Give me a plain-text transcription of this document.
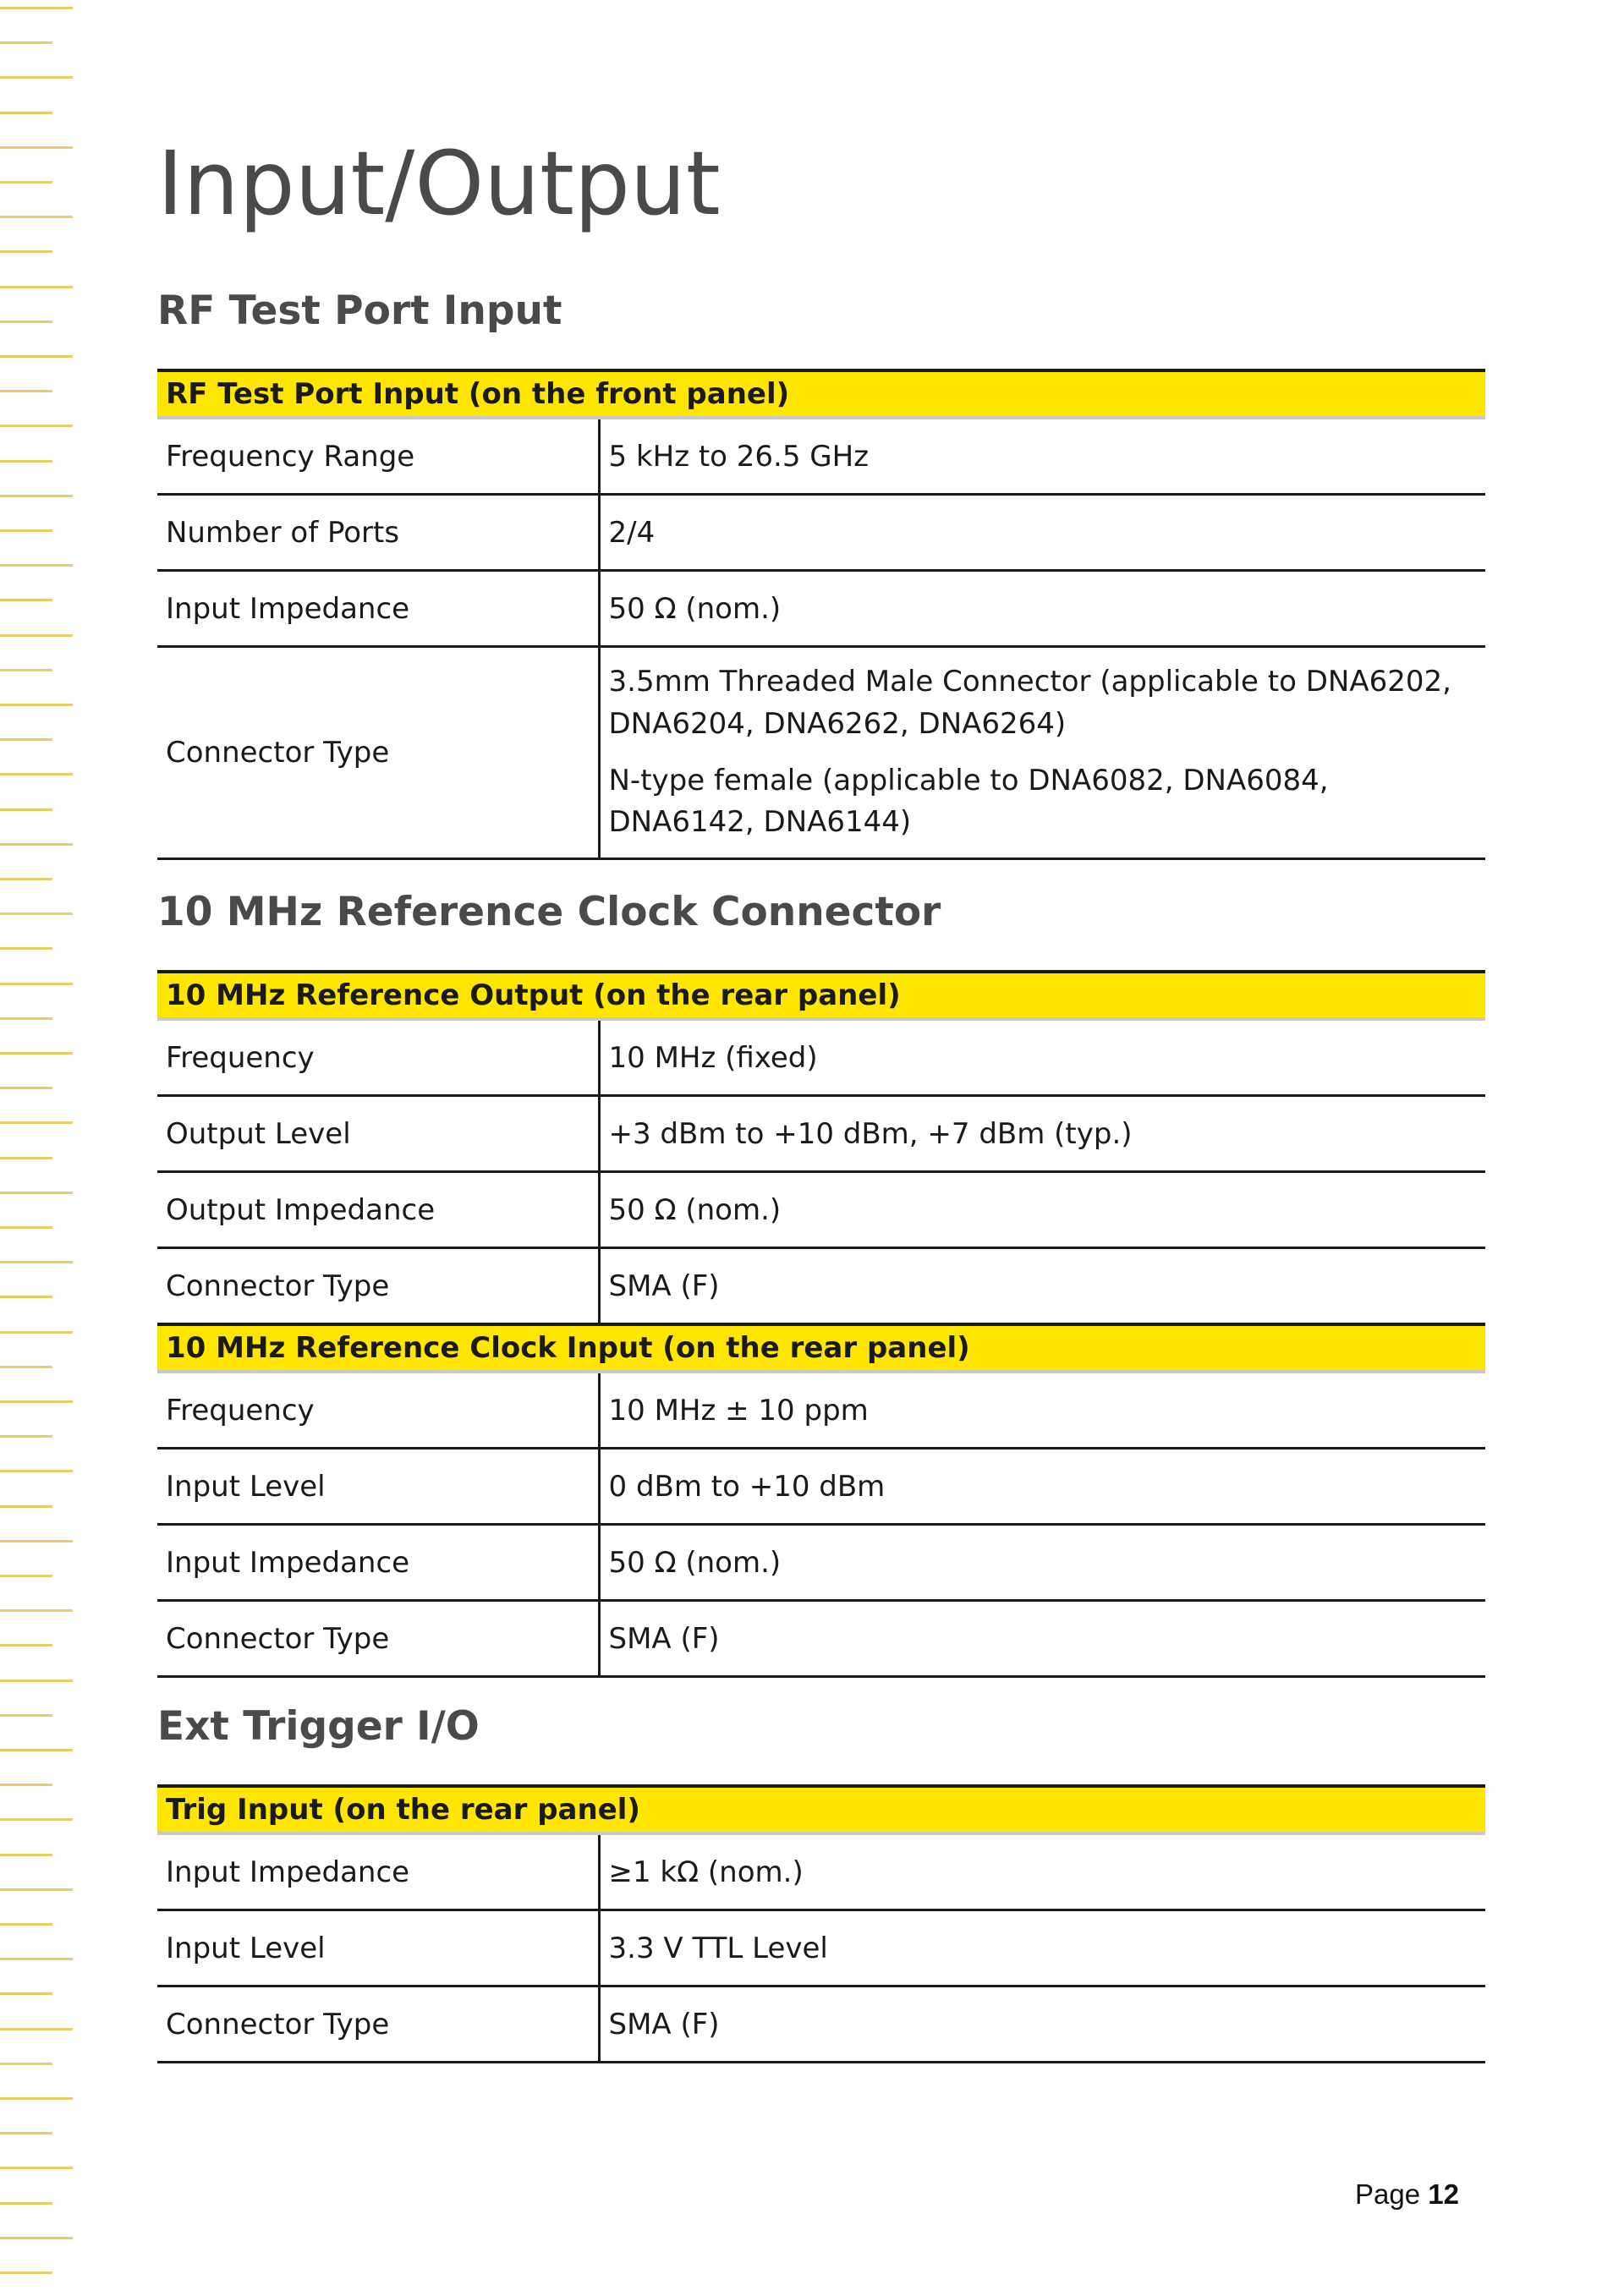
Input/Output
RF Test Port Input
RF Test Port Input (on the front panel)	
Frequency Range	5 kHz to 26.5 GHz
Number of Ports	2/4
Input Impedance	50 Ω (nom.)
Connector Type	3.5mm Threaded Male Connector (applicable to DNA6202, DNA6204, DNA6262, DNA6264)

N-type female (applicable to DNA6082, DNA6084, DNA6142, DNA6144)

10 MHz Reference Clock Connector
10 MHz Reference Output (on the rear panel)	
Frequency	10 MHz (fixed)
Output Level	+3 dBm to +10 dBm, +7 dBm (typ.)
Output Impedance	50 Ω (nom.)
Connector Type	SMA (F)
10 MHz Reference Clock Input (on the rear panel)	
Frequency	10 MHz ± 10 ppm
Input Level	0 dBm to +10 dBm
Input Impedance	50 Ω (nom.)
Connector Type	SMA (F)
Ext Trigger I/O
Trig Input (on the rear panel)	
Input Impedance	≥1 kΩ (nom.)
Input Level	3.3 V TTL Level
Connector Type	SMA (F)
Page 12
